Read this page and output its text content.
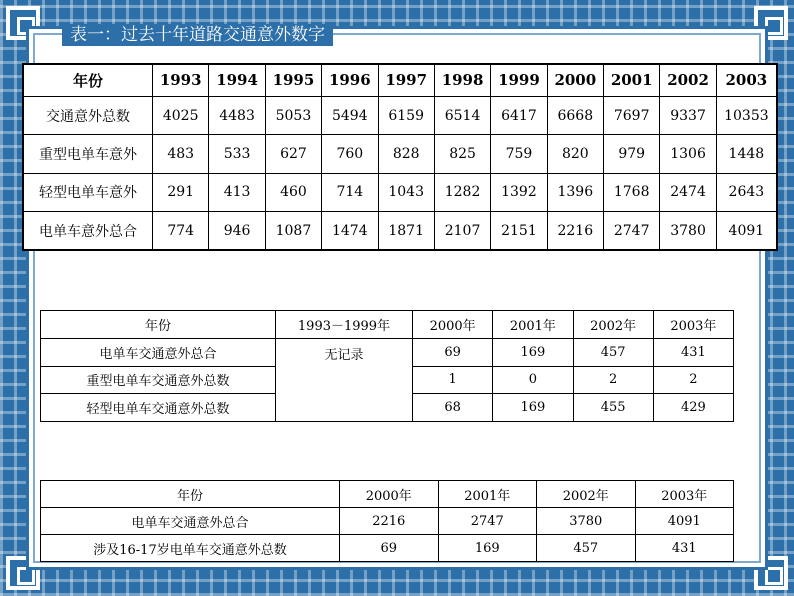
表一：过去十年道路交通意外数字
年份	1993	1994	1995	1996	1997	1998	1999	2000	2001	2002	2003
交通意外总数	4025	4483	5053	5494	6159	6514	6417	6668	7697	9337	10353
重型电单车意外	483	533	627	760	828	825	759	820	979	1306	1448
轻型电单车意外	291	413	460	714	1043	1282	1392	1396	1768	2474	2643
电单车意外总合	774	946	1087	1474	1871	2107	2151	2216	2747	3780	4091
年份	1993－1999年	2000年	2001年	2002年	2003年
电单车交通意外总合	无记录	69	169	457	431
重型电单车交通意外总数		1	0	2	2
轻型电单车交通意外总数		68	169	455	429
年份	2000年	2001年	2002年	2003年
电单车交通意外总合	2216	2747	3780	4091
涉及16-17岁电单车交通意外总数	69	169	457	431
